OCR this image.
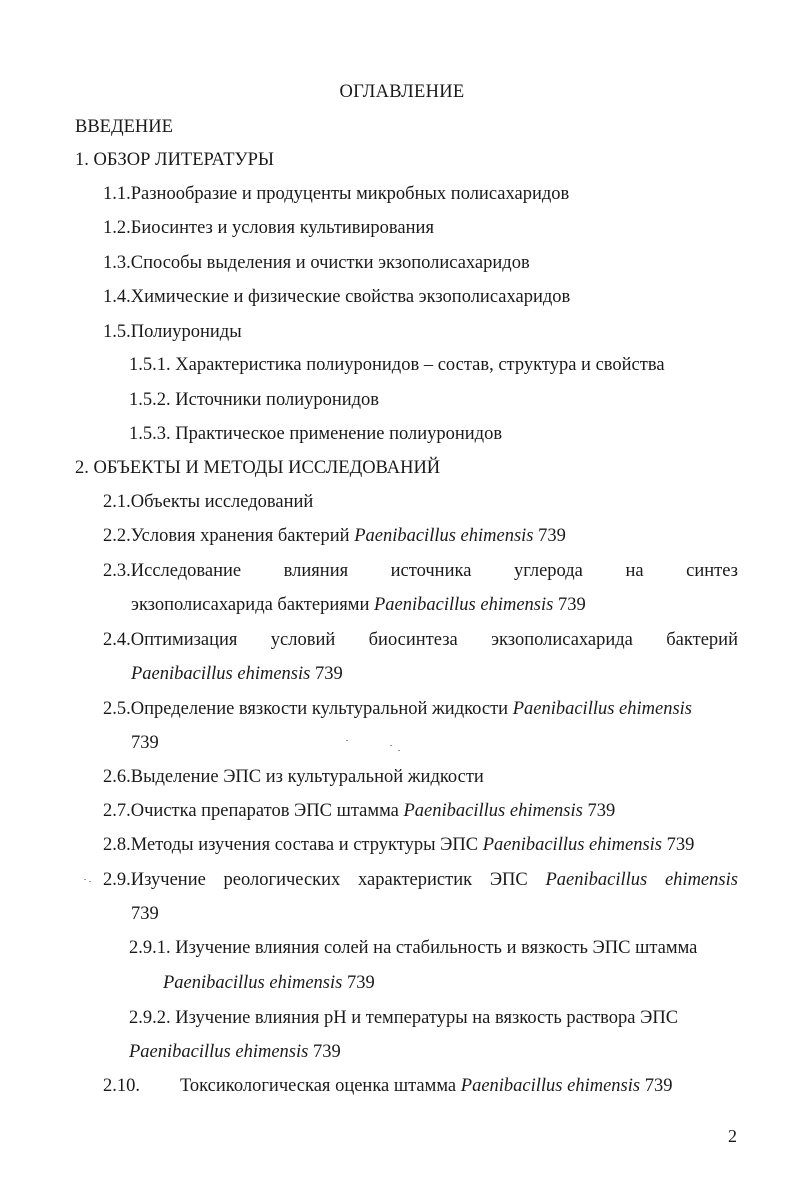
ОГЛАВЛЕНИЕ
ВВЕДЕНИЕ
1. ОБЗОР ЛИТЕРАТУРЫ
1.1.Разнообразие и продуценты микробных полисахаридов
1.2.Биосинтез и условия культивирования
1.3.Способы выделения и очистки экзополисахаридов
1.4.Химические и физические свойства экзополисахаридов
1.5.Полиурониды
1.5.1. Характеристика полиуронидов – состав, структура и свойства
1.5.2. Источники полиуронидов
1.5.3. Практическое применение полиуронидов
2. ОБЪЕКТЫ И МЕТОДЫ ИССЛЕДОВАНИЙ
2.1.Объекты исследований
2.2.Условия хранения бактерий Paenibacillus ehimensis 739
2.3.Исследование влияния источника углерода на синтез
экзополисахарида бактериями Paenibacillus ehimensis 739
2.4.Оптимизация условий биосинтеза экзополисахарида бактерий
Paenibacillus ehimensis 739
2.5.Определение вязкости культуральной жидкости Paenibacillus ehimensis
739
2.6.Выделение ЭПС из культуральной жидкости
2.7.Очистка препаратов ЭПС штамма Paenibacillus ehimensis 739
2.8.Методы изучения состава и структуры ЭПС Paenibacillus ehimensis 739
2.9.Изучение реологических характеристик ЭПС Paenibacillus ehimensis
739
2.9.1. Изучение влияния солей на стабильность и вязкость ЭПС штамма
Paenibacillus ehimensis 739
2.9.2. Изучение влияния pH и температуры на вязкость раствора ЭПС
Paenibacillus ehimensis 739
2.10. Токсикологическая оценка штамма Paenibacillus ehimensis 739
2
